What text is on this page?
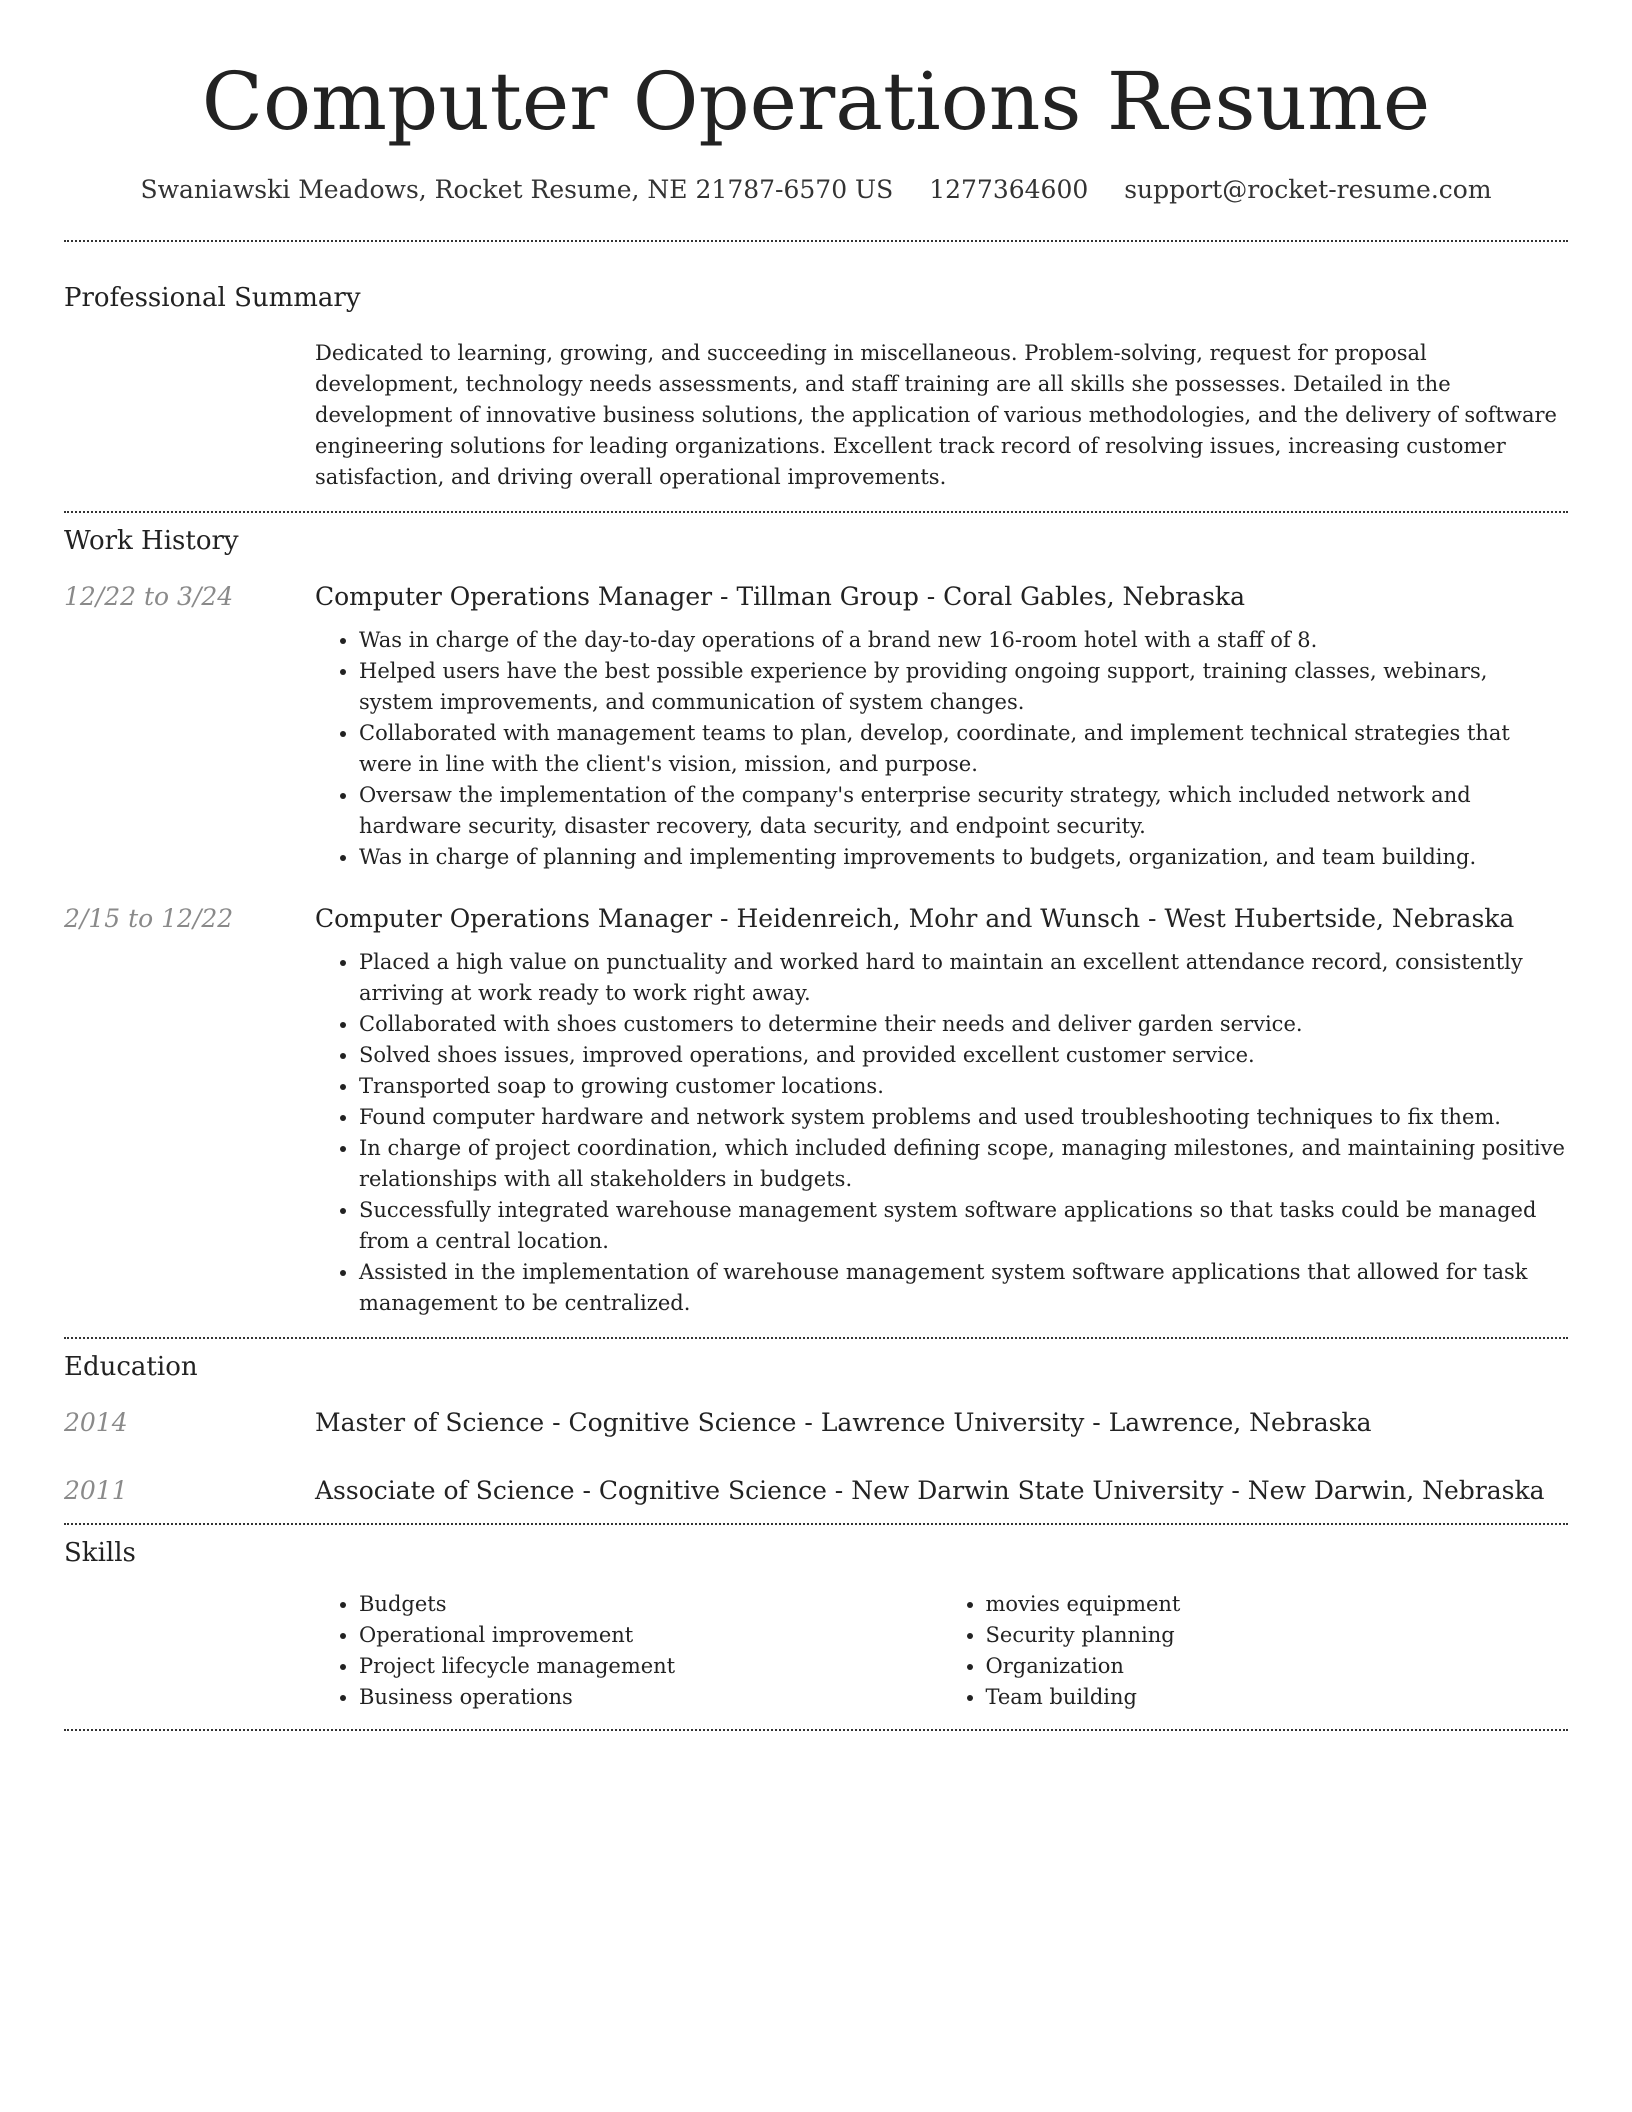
Computer Operations Resume
Swaniawski Meadows, Rocket Resume, NE 21787-6570 US 1277364600 support@rocket-resume.com
Professional Summary

Dedicated to learning, growing, and succeeding in miscellaneous. Problem-solving, request for proposal development, technology needs assessments, and staff training are all skills she possesses. Detailed in the development of innovative business solutions, the application of various methodologies, and the delivery of software engineering solutions for leading organizations. Excellent track record of resolving issues, increasing customer satisfaction, and driving overall operational improvements.

Work History
12/22 to 3/24	Computer Operations Manager - Tillman Group - Coral Gables, Nebraska
• Was in charge of the day-to-day operations of a brand new 16-room hotel with a staff of 8.
• Helped users have the best possible experience by providing ongoing support, training classes, webinars, system improvements, and communication of system changes.
• Collaborated with management teams to plan, develop, coordinate, and implement technical strategies that were in line with the client's vision, mission, and purpose.
• Oversaw the implementation of the company's enterprise security strategy, which included network and hardware security, disaster recovery, data security, and endpoint security.
• Was in charge of planning and implementing improvements to budgets, organization, and team building.
2/15 to 12/22	Computer Operations Manager - Heidenreich, Mohr and Wunsch - West Hubertside, Nebraska
• Placed a high value on punctuality and worked hard to maintain an excellent attendance record, consistently arriving at work ready to work right away.
• Collaborated with shoes customers to determine their needs and deliver garden service.
• Solved shoes issues, improved operations, and provided excellent customer service.
• Transported soap to growing customer locations.
• Found computer hardware and network system problems and used troubleshooting techniques to fix them.
• In charge of project coordination, which included defining scope, managing milestones, and maintaining positive relationships with all stakeholders in budgets.
• Successfully integrated warehouse management system software applications so that tasks could be managed from a central location.
• Assisted in the implementation of warehouse management system software applications that allowed for task management to be centralized.
Education
2014	Master of Science - Cognitive Science - Lawrence University - Lawrence, Nebraska
2011	Associate of Science - Cognitive Science - New Darwin State University - New Darwin, Nebraska
Skills
• Budgets
• Operational improvement
• Project lifecycle management
• Business operations
• movies equipment
• Security planning
• Organization
• Team building
